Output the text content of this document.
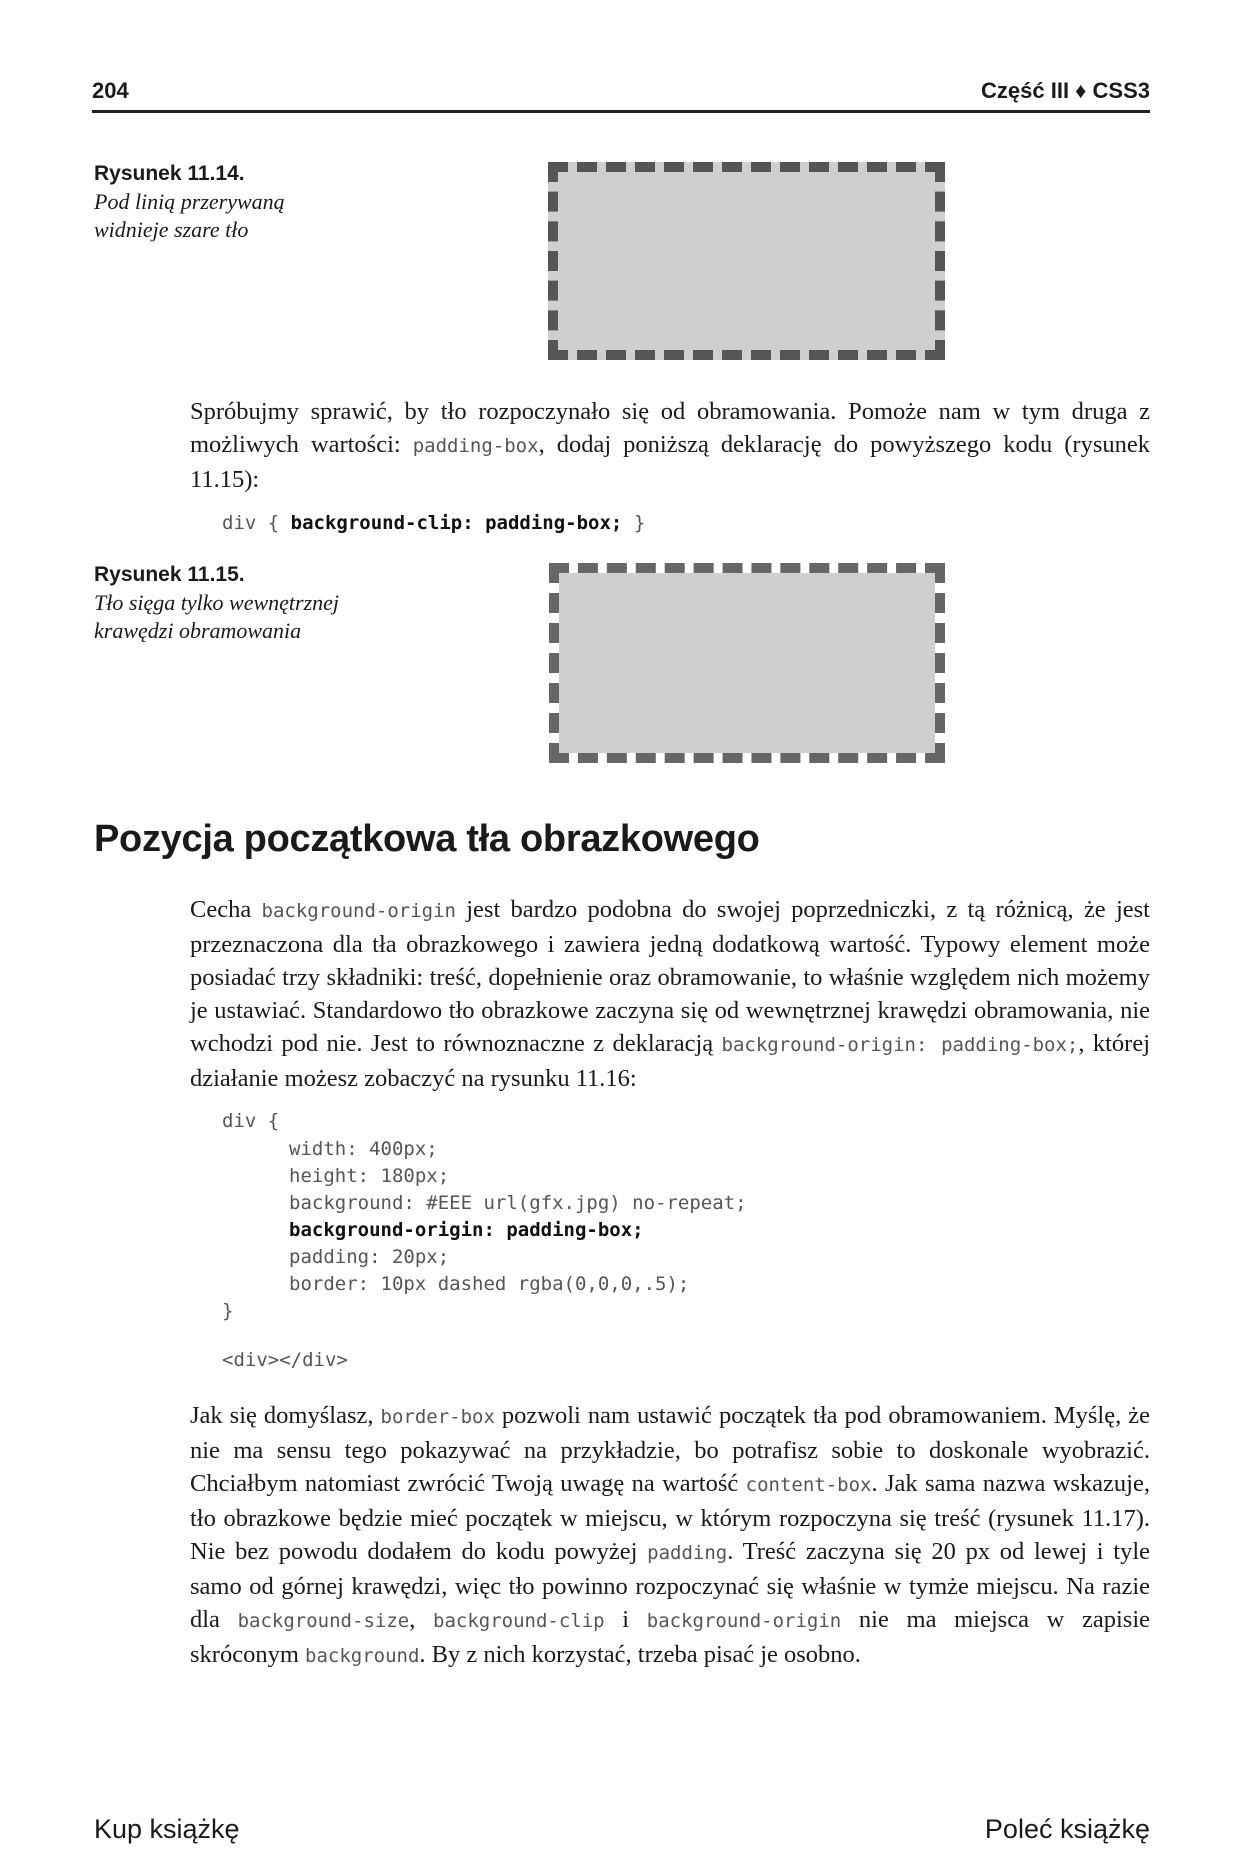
204	Część III ♦ CSS3
Rysunek 11.14.
Pod linią przerywaną widnieje szare tło

Spróbujmy sprawić, by tło rozpoczynało się od obramowania. Pomoże nam w tym druga z możliwych wartości: padding-box, dodaj poniższą deklarację do powyższego kodu (rysunek 11.15):

div { background-clip: padding-box; }
Rysunek 11.15.
Tło sięga tylko wewnętrznej krawędzi obramowania
Pozycja początkowa tła obrazkowego

Cecha background-origin jest bardzo podobna do swojej poprzedniczki, z tą różnicą, że jest przeznaczona dla tła obrazkowego i zawiera jedną dodatkową wartość. Typowy element może posiadać trzy składniki: treść, dopełnienie oraz obramowanie, to właśnie względem nich możemy je ustawiać. Standardowo tło obrazkowe zaczyna się od wewnętrznej krawędzi obramowania, nie wchodzi pod nie. Jest to równoznaczne z deklaracją background-origin: padding-box;, której działanie możesz zobaczyć na rysunku 11.16:

div {
width: 400px;
height: 180px;
background: #EEE url(gfx.jpg) no-repeat;
background-origin: padding-box;
padding: 20px;
border: 10px dashed rgba(0,0,0,.5);
}
<div></div>

Jak się domyślasz, border-box pozwoli nam ustawić początek tła pod obramowaniem. Myślę, że nie ma sensu tego pokazywać na przykładzie, bo potrafisz sobie to doskonale wyobrazić. Chciałbym natomiast zwrócić Twoją uwagę na wartość content-box. Jak sama nazwa wskazuje, tło obrazkowe będzie mieć początek w miejscu, w którym rozpoczyna się treść (rysunek 11.17). Nie bez powodu dodałem do kodu powyżej padding. Treść zaczyna się 20 px od lewej i tyle samo od górnej krawędzi, więc tło powinno rozpoczynać się właśnie w tymże miejscu. Na razie dla background-size, background-clip i background-origin nie ma miejsca w zapisie skróconym background. By z nich korzystać, trzeba pisać je osobno.

Kup książkę	Poleć książkę
